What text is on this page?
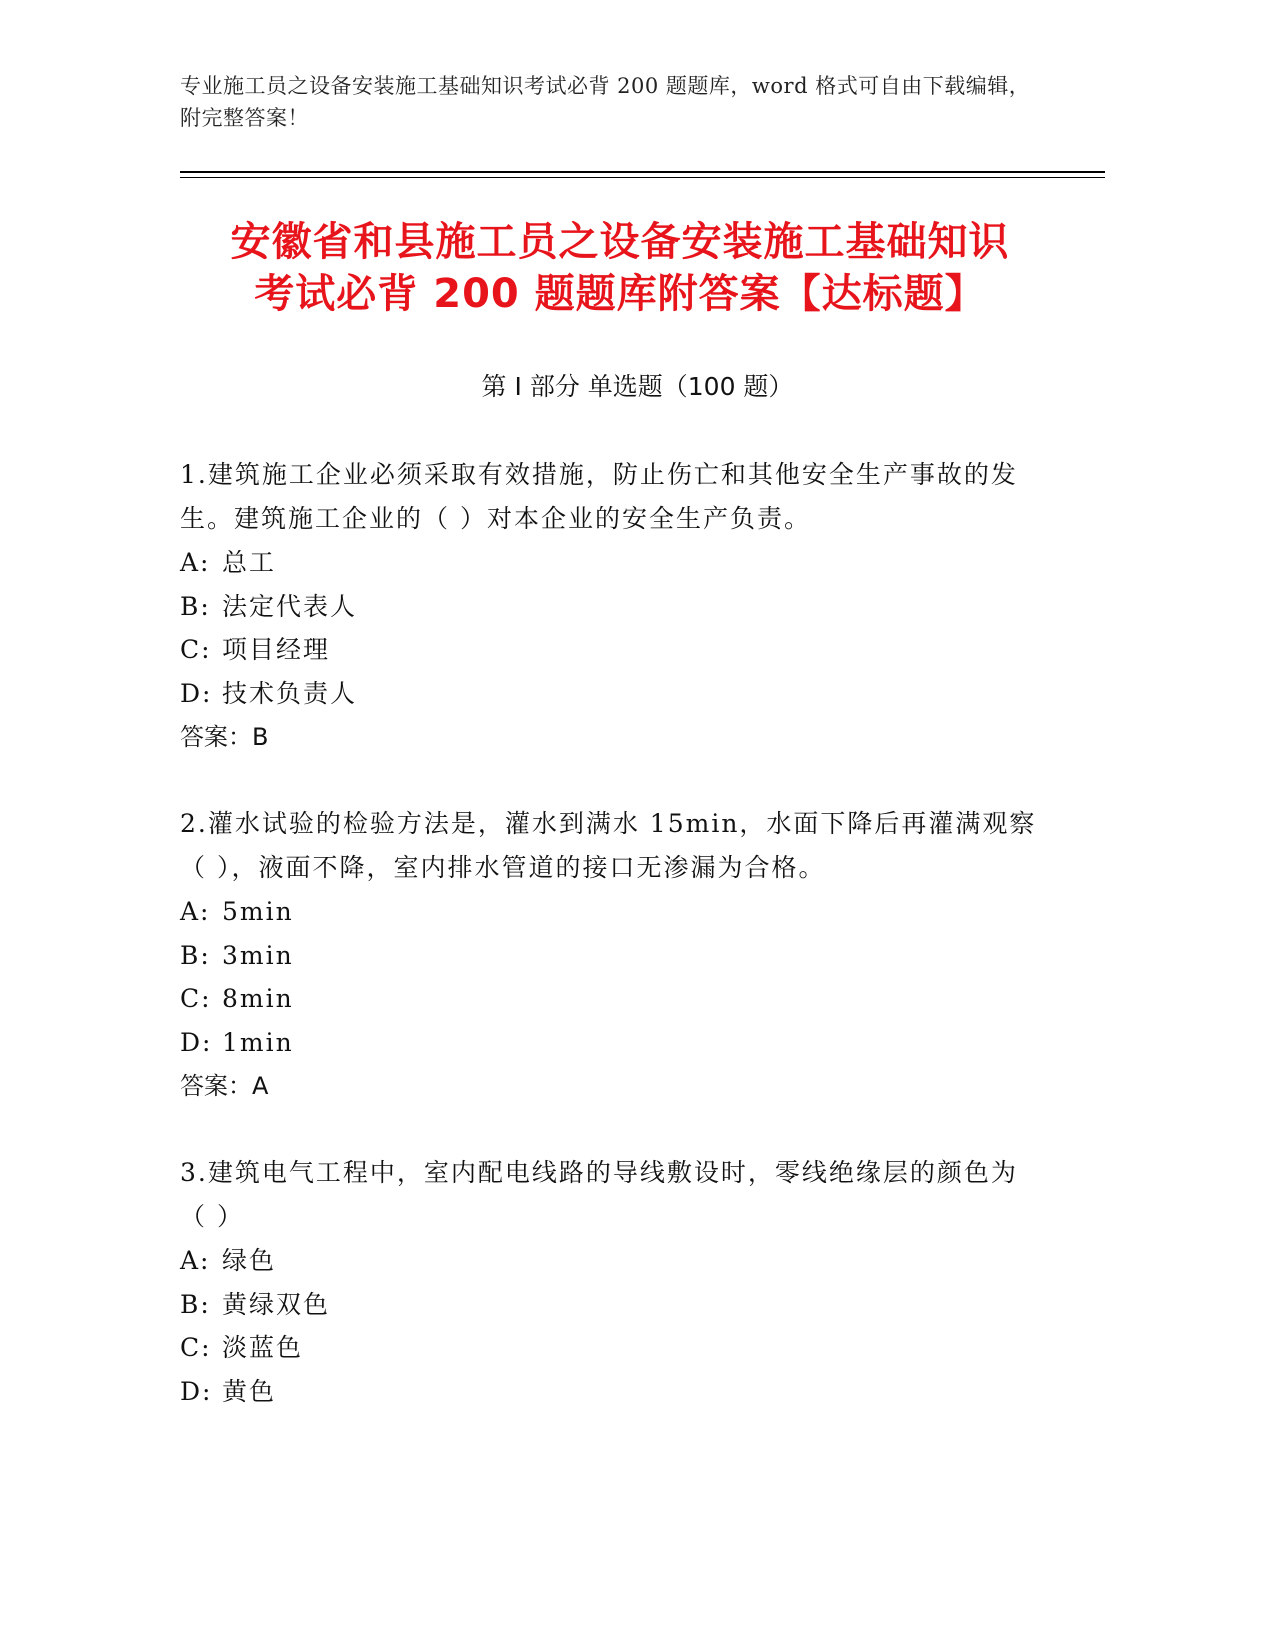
专业施工员之设备安装施工基础知识考试必背 200 题题库，word 格式可自由下载编辑，附完整答案！
安徽省和县施工员之设备安装施工基础知识
考试必背 200 题题库附答案【达标题】
第 I 部分 单选题（100 题）
1.建筑施工企业必须采取有效措施，防止伤亡和其他安全生产事故的发生。建筑施工企业的（ ）对本企业的安全生产负责。
A: 总工
B: 法定代表人
C: 项目经理
D: 技术负责人
答案：B
2.灌水试验的检验方法是，灌水到满水 15min，水面下降后再灌满观察（ ），液面不降，室内排水管道的接口无渗漏为合格。
A: 5min
B: 3min
C: 8min
D: 1min
答案：A
3.建筑电气工程中，室内配电线路的导线敷设时，零线绝缘层的颜色为（ ）
A: 绿色
B: 黄绿双色
C: 淡蓝色
D: 黄色
